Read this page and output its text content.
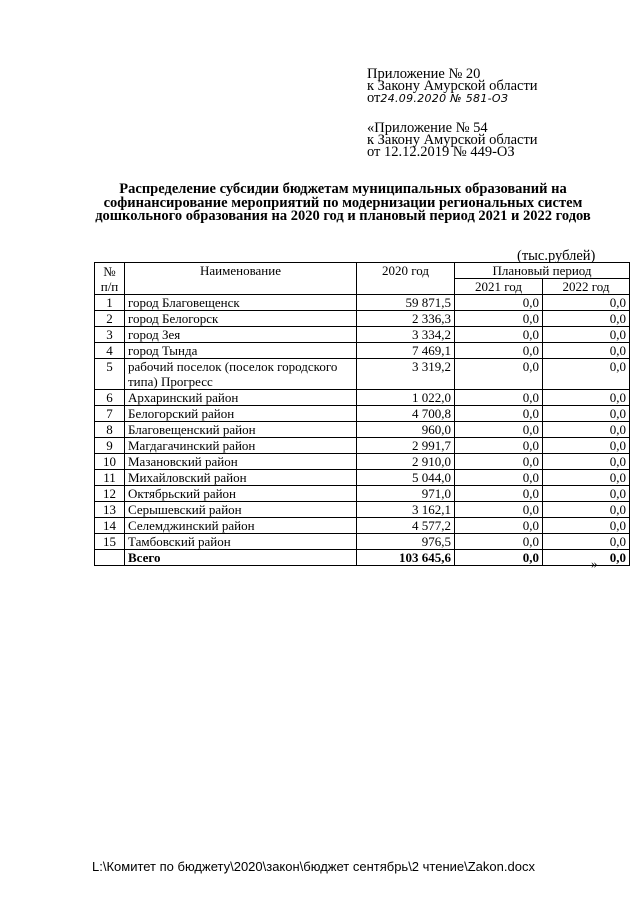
Приложение № 20
к Закону Амурской области
от24.09.2020 № 581-ОЗ
«Приложение № 54
к Закону Амурской области
от 12.12.2019 № 449-ОЗ
Распределение субсидии бюджетам муниципальных образований на софинансирование мероприятий по модернизации региональных систем дошкольного образования на 2020 год и плановый период 2021 и 2022 годов
(тыс.рублей)
№ п/п	Наименование	2020 год	Плановый период	
			2021 год	2022 год
1	город Благовещенск	59 871,5	0,0	0,0
2	город Белогорск	2 336,3	0,0	0,0
3	город Зея	3 334,2	0,0	0,0
4	город Тында	7 469,1	0,0	0,0
5	рабочий поселок (поселок городского типа) Прогресс	3 319,2	0,0	0,0
6	Архаринский район	1 022,0	0,0	0,0
7	Белогорский район	4 700,8	0,0	0,0
8	Благовещенский район	960,0	0,0	0,0
9	Магдагачинский район	2 991,7	0,0	0,0
10	Мазановский район	2 910,0	0,0	0,0
11	Михайловский район	5 044,0	0,0	0,0
12	Октябрьский район	971,0	0,0	0,0
13	Серышевский район	3 162,1	0,0	0,0
14	Селемджинский район	4 577,2	0,0	0,0
15	Тамбовский район	976,5	0,0	0,0
	Всего	103 645,6	0,0	0,0
»
L:\Комитет по бюджету\2020\закон\бюджет сентябрь\2 чтение\Zakon.docx
